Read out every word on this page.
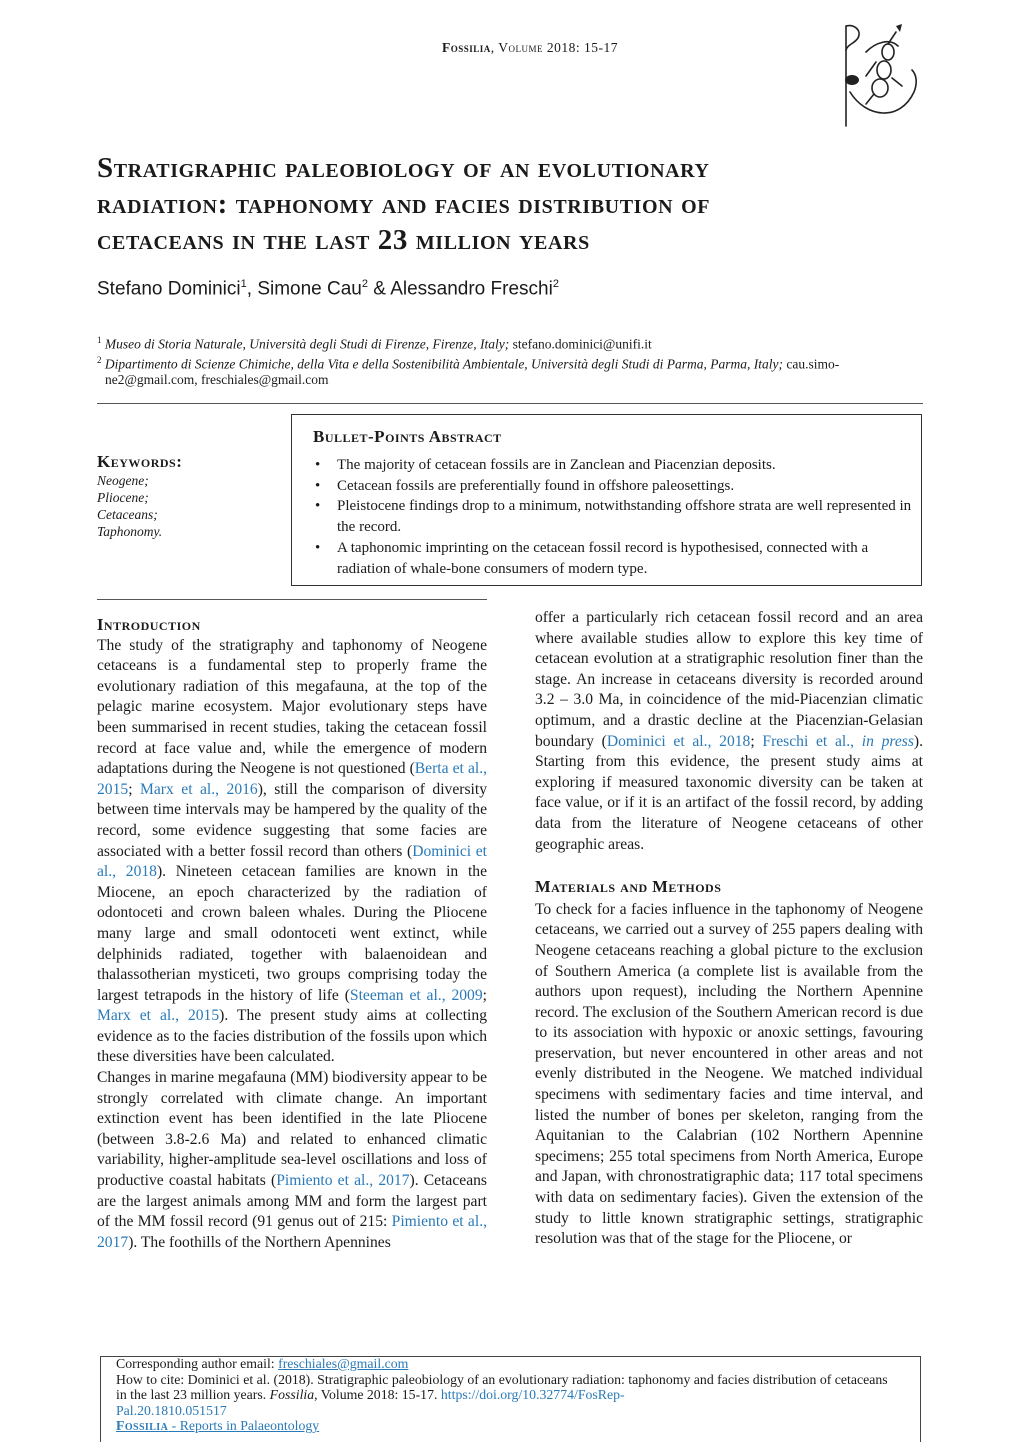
Fossilia, Volume 2018: 15-17
Stratigraphic paleobiology of an evolutionary
radiation: taphonomy and facies distribution of
cetaceans in the last 23 million years
Stefano Dominici$^1$, Simone Cau$^2$ & Alessandro Freschi$^2$
$^1$ Museo di Storia Naturale, Università degli Studi di Firenze, Firenze, Italy; stefano.dominici@unifi.it
$^2$ Dipartimento di Scienze Chimiche, della Vita e della Sostenibilità Ambientale, Università degli Studi di Parma, Parma, Italy; cau.simo-
ne2@gmail.com, freschiales@gmail.com
Keywords:
Neogene;
Pliocene;
Cetaceans;
Taphonomy.
Bullet-Points Abstract
• The majority of cetacean fossils are in Zanclean and Piacenzian deposits.
• Cetacean fossils are preferentially found in offshore paleosettings.
• Pleistocene findings drop to a minimum, notwithstanding offshore strata are well represented in the record.
• A taphonomic imprinting on the cetacean fossil record is hypothesised, connected with a radiation of whale-bone consumers of modern type.
Introduction

The study of the stratigraphy and taphonomy of Neogene cetaceans is a fundamental step to properly frame the evolutionary radiation of this megafauna, at the top of the pelagic marine ecosystem. Major evolutionary steps have been summarised in recent studies, taking the cetacean fossil record at face value and, while the emergence of modern adaptations during the Neogene is not questioned (Berta et al., 2015; Marx et al., 2016), still the comparison of diversity between time intervals may be hampered by the quality of the record, some evidence suggesting that some facies are associated with a better fossil record than others (Dominici et al., 2018). Nineteen cetacean families are known in the Miocene, an epoch characterized by the radiation of odontoceti and crown baleen whales. During the Pliocene many large and small odontoceti went extinct, while delphinids radiated, together with balaenoidean and thalassotherian mysticeti, two groups comprising today the largest tetrapods in the history of life (Steeman et al., 2009; Marx et al., 2015). The present study aims at collecting evidence as to the facies distribution of the fossils upon which these diversities have been calculated.

Changes in marine megafauna (MM) biodiversity appear to be strongly correlated with climate change. An important extinction event has been identified in the late Pliocene (between 3.8-2.6 Ma) and related to enhanced climatic variability, higher-amplitude sea-level oscillations and loss of productive coastal habitats (Pimiento et al., 2017). Cetaceans are the largest animals among MM and form the largest part of the MM fossil record (91 genus out of 215: Pimiento et al., 2017). The foothills of the Northern Apennines

offer a particularly rich cetacean fossil record and an area where available studies allow to explore this key time of cetacean evolution at a stratigraphic resolution finer than the stage. An increase in cetaceans diversity is recorded around 3.2 – 3.0 Ma, in coincidence of the mid-Piacenzian climatic optimum, and a drastic decline at the Piacenzian-Gelasian boundary (Dominici et al., 2018; Freschi et al., in press). Starting from this evidence, the present study aims at exploring if measured taxonomic diversity can be taken at face value, or if it is an artifact of the fossil record, by adding data from the literature of Neogene cetaceans of other geographic areas.

Materials and Methods

To check for a facies influence in the taphonomy of Neogene cetaceans, we carried out a survey of 255 papers dealing with Neogene cetaceans reaching a global picture to the exclusion of Southern America (a complete list is available from the authors upon request), including the Northern Apennine record. The exclusion of the Southern American record is due to its association with hypoxic or anoxic settings, favouring preservation, but never encountered in other areas and not evenly distributed in the Neogene. We matched individual specimens with sedimentary facies and time interval, and listed the number of bones per skeleton, ranging from the Aquitanian to the Calabrian (102 Northern Apennine specimens; 255 total specimens from North America, Europe and Japan, with chronostratigraphic data; 117 total specimens with data on sedimentary facies). Given the extension of the study to little known stratigraphic settings, stratigraphic resolution was that of the stage for the Pliocene, or

Corresponding author email: freschiales@gmail.com
How to cite: Dominici et al. (2018). Stratigraphic paleobiology of an evolutionary radiation: taphonomy and facies distribution of cetaceans in the last 23 million years. Fossilia, Volume 2018: 15-17. https://doi.org/10.32774/FosRep-
Pal.20.1810.051517
Fossilia - Reports in Palaeontology
